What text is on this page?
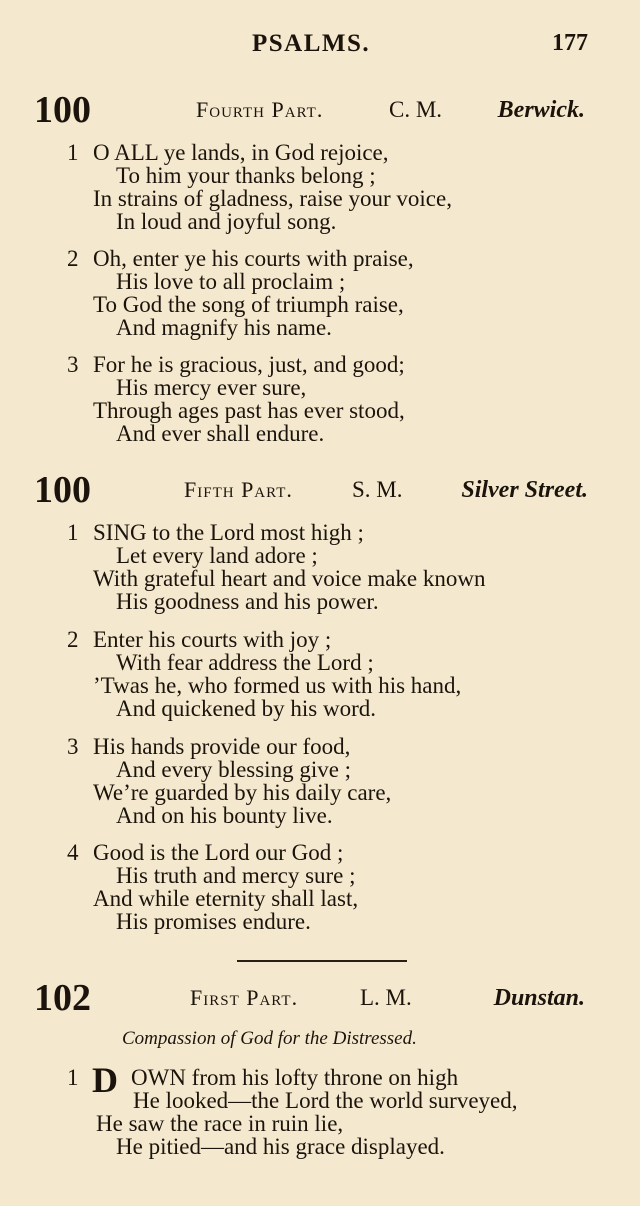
PSALMS.	177
100	Fourth Part.	C. M. Berwick.
1 O ALL ye lands, in God rejoice,
To him your thanks belong ;
In strains of gladness, raise your voice,
In loud and joyful song.
2 Oh, enter ye his courts with praise,
His love to all proclaim ;
To God the song of triumph raise,
And magnify his name.
3 For he is gracious, just, and good;
His mercy ever sure,
Through ages past has ever stood,
And ever shall endure.
100	Fifth Part.	S. M. Silver Street.
1 SING to the Lord most high ;
Let every land adore ;
With grateful heart and voice make known
His goodness and his power.
2 Enter his courts with joy ;
With fear address the Lord ;
’Twas he, who formed us with his hand,
And quickened by his word.
3 His hands provide our food,
And every blessing give ;
We’re guarded by his daily care,
And on his bounty live.
4 Good is the Lord our God ;
His truth and mercy sure ;
And while eternity shall last,
His promises endure.
102	First Part.	L. M.	Dunstan.
Compassion of God for the Distressed.
1 OWN from his lofty throne on high
He looked—the Lord the world surveyed,
He saw the race in ruin lie,
He pitied—and his grace displayed.
D
